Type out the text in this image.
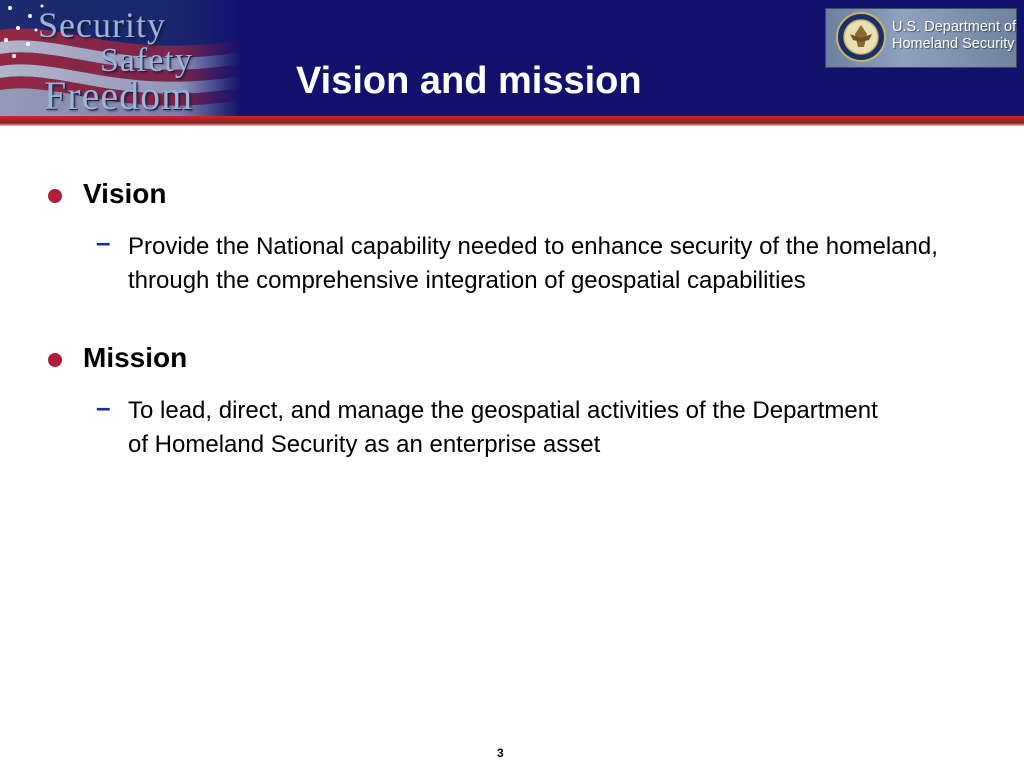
Security
Safety
Freedom	Vision and mission
U.S. Department of
Homeland Security
Vision
– Provide the National capability needed to enhance security of the homeland, through the comprehensive integration of geospatial capabilities
Mission
– To lead, direct, and manage the geospatial activities of the Department of Homeland Security as an enterprise asset
3
